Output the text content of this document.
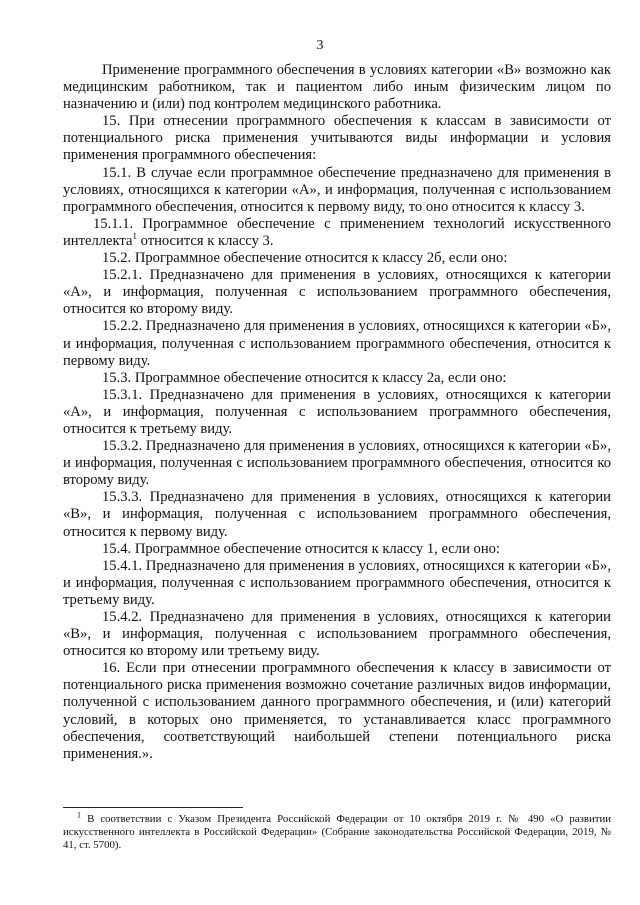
3

Применение программного обеспечения в условиях категории «В» возможно как медицинским работником, так и пациентом либо иным физическим лицом по назначению и (или) под контролем медицинского работника.

15. При отнесении программного обеспечения к классам в зависимости от потенциального риска применения учитываются виды информации и условия применения программного обеспечения:

15.1. В случае если программное обеспечение предназначено для применения в условиях, относящихся к категории «А», и информация, полученная с использованием программного обеспечения, относится к первому виду, то оно относится к классу 3.

15.1.1. Программное обеспечение с применением технологий искусственного интеллекта$^1$ относится к классу 3.

15.2. Программное обеспечение относится к классу 2б, если оно:

15.2.1. Предназначено для применения в условиях, относящихся к категории «А», и информация, полученная с использованием программного обеспечения, относится ко второму виду.

15.2.2. Предназначено для применения в условиях, относящихся к категории «Б», и информация, полученная с использованием программного обеспечения, относится к первому виду.

15.3. Программное обеспечение относится к классу 2а, если оно:

15.3.1. Предназначено для применения в условиях, относящихся к категории «А», и информация, полученная с использованием программного обеспечения, относится к третьему виду.

15.3.2. Предназначено для применения в условиях, относящихся к категории «Б», и информация, полученная с использованием программного обеспечения, относится ко второму виду.

15.3.3. Предназначено для применения в условиях, относящихся к категории «В», и информация, полученная с использованием программного обеспечения, относится к первому виду.

15.4. Программное обеспечение относится к классу 1, если оно:

15.4.1. Предназначено для применения в условиях, относящихся к категории «Б», и информация, полученная с использованием программного обеспечения, относится к третьему виду.

15.4.2. Предназначено для применения в условиях, относящихся к категории «В», и информация, полученная с использованием программного обеспечения, относится ко второму или третьему виду.

16. Если при отнесении программного обеспечения к классу в зависимости от потенциального риска применения возможно сочетание различных видов информации, полученной с использованием данного программного обеспечения, и (или) категорий условий, в которых оно применяется, то устанавливается класс программного обеспечения, соответствующий наибольшей степени потенциального риска применения.».

$^1$ В соответствии с Указом Президента Российской Федерации от 10 октября 2019 г. № 490 «О развитии искусственного интеллекта в Российской Федерации» (Собрание законодательства Российской Федерации, 2019, № 41, ст. 5700).
